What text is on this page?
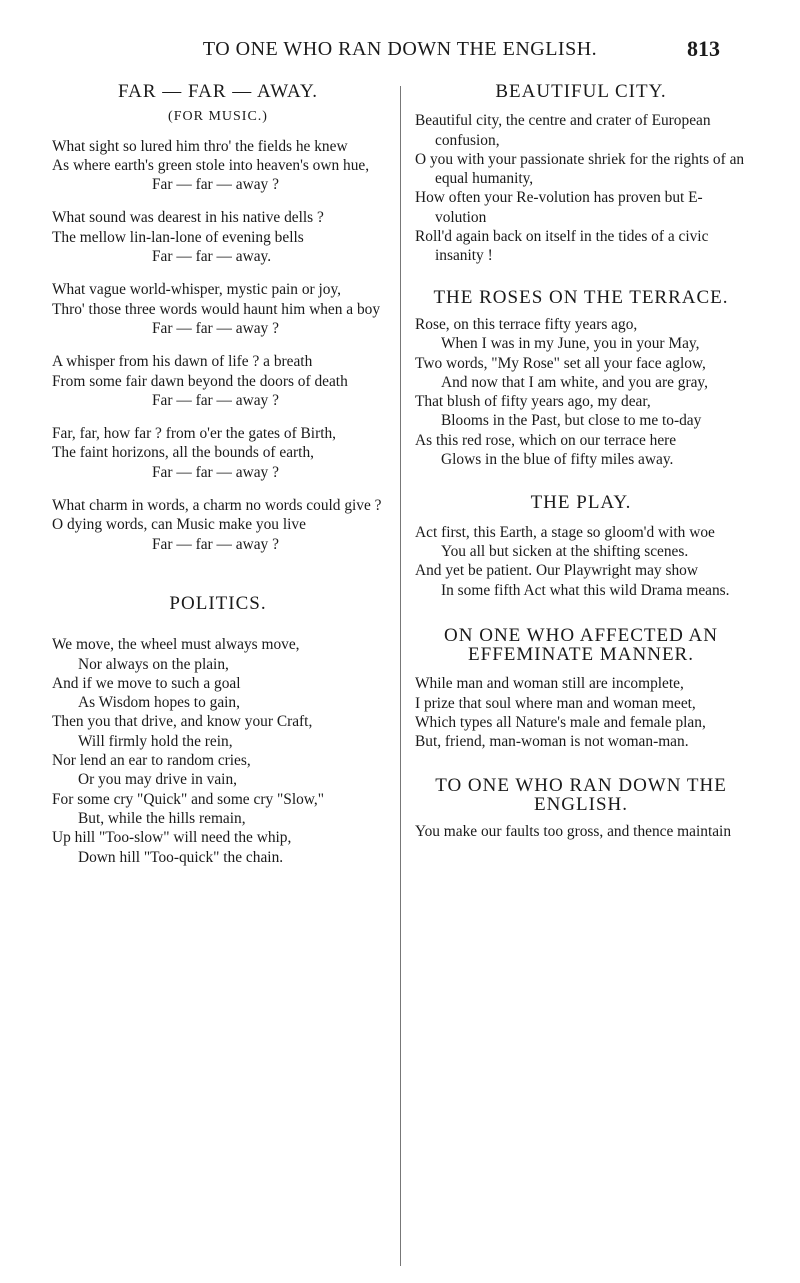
TO ONE WHO RAN DOWN THE ENGLISH.	813
FAR — FAR — AWAY.
(FOR MUSIC.)
What sight so lured him thro' the fields he knew
As where earth's green stole into heaven's own hue,
Far — far — away ?
What sound was dearest in his native dells ?
The mellow lin-lan-lone of evening bells
Far — far — away.
What vague world-whisper, mystic pain or joy,
Thro' those three words would haunt him when a boy
Far — far — away ?
A whisper from his dawn of life ? a breath
From some fair dawn beyond the doors of death
Far — far — away ?
Far, far, how far ? from o'er the gates of Birth,
The faint horizons, all the bounds of earth,
Far — far — away ?
What charm in words, a charm no words could give ?
O dying words, can Music make you live
Far — far — away ?
POLITICS.
We move, the wheel must always move,
Nor always on the plain,
And if we move to such a goal
As Wisdom hopes to gain,
Then you that drive, and know your Craft,
Will firmly hold the rein,
Nor lend an ear to random cries,
Or you may drive in vain,
For some cry "Quick" and some cry "Slow,"
But, while the hills remain,
Up hill "Too-slow" will need the whip,
Down hill "Too-quick" the chain.
BEAUTIFUL CITY.
Beautiful city, the centre and crater of European confusion,
O you with your passionate shriek for the rights of an equal humanity,
How often your Re-volution has proven but E-volution
Roll'd again back on itself in the tides of a civic insanity !
THE ROSES ON THE TERRACE.
Rose, on this terrace fifty years ago,
When I was in my June, you in your May,
Two words, "My Rose" set all your face aglow,
And now that I am white, and you are gray,
That blush of fifty years ago, my dear,
Blooms in the Past, but close to me to-day
As this red rose, which on our terrace here
Glows in the blue of fifty miles away.
THE PLAY.
Act first, this Earth, a stage so gloom'd with woe
You all but sicken at the shifting scenes.
And yet be patient. Our Playwright may show
In some fifth Act what this wild Drama means.
ON ONE WHO AFFECTED AN EFFEMINATE MANNER.
While man and woman still are incomplete,
I prize that soul where man and woman meet,
Which types all Nature's male and female plan,
But, friend, man-woman is not woman-man.
TO ONE WHO RAN DOWN THE ENGLISH.
You make our faults too gross, and thence maintain
